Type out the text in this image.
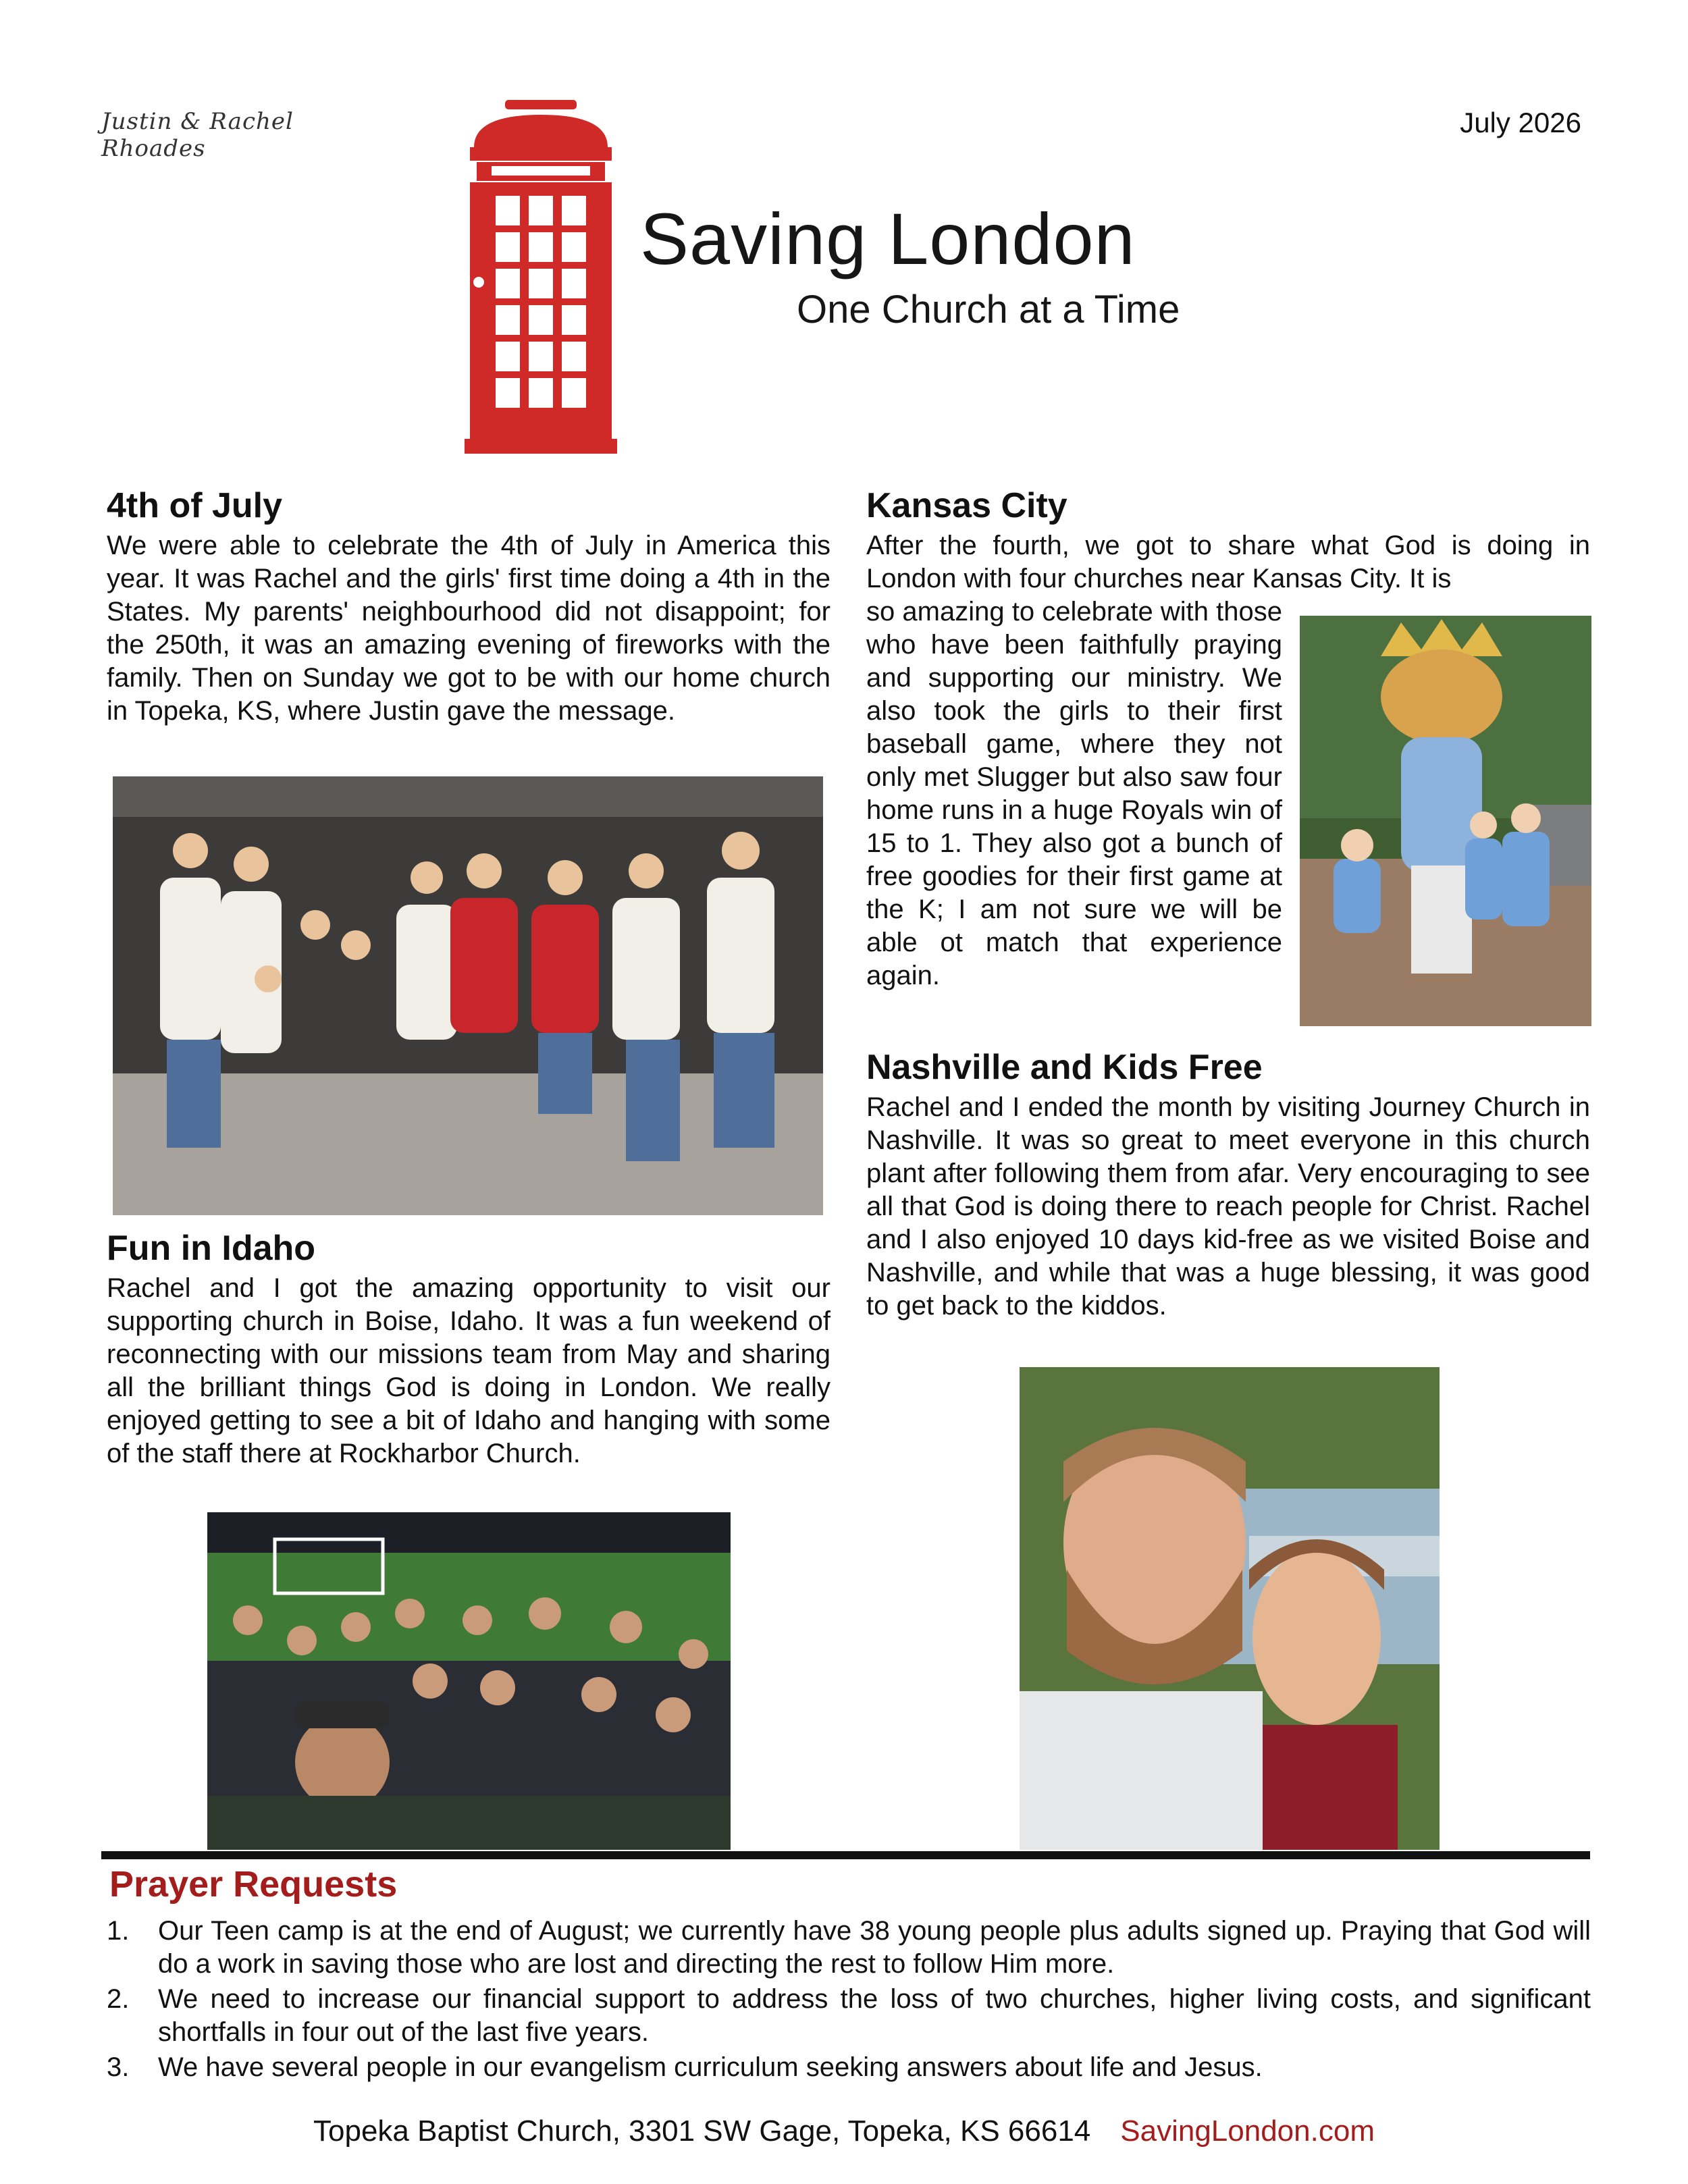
Justin & Rachel Rhoades
July 2026
Saving London
One Church at a Time
4th of July

We were able to celebrate the 4th of July in America this year. It was Rachel and the girls' first time doing a 4th in the States. My parents' neighbourhood did not disappoint; for the 250th, it was an amazing evening of fireworks with the family. Then on Sunday we got to be with our home church in Topeka, KS, where Justin gave the message.

Fun in Idaho

Rachel and I got the amazing opportunity to visit our supporting church in Boise, Idaho. It was a fun weekend of reconnecting with our missions team from May and sharing all the brilliant things God is doing in London. We really enjoyed getting to see a bit of Idaho and hanging with some of the staff there at Rockharbor Church.

Kansas City

After the fourth, we got to share what God is doing in London with four churches near Kansas City. It is

so amazing to celebrate with those who have been faithfully praying and supporting our ministry. We also took the girls to their first baseball game, where they not only met Slugger but also saw four home runs in a huge Royals win of 15 to 1. They also got a bunch of free goodies for their first game at the K; I am not sure we will be able ot match that experience again.

Nashville and Kids Free

Rachel and I ended the month by visiting Journey Church in Nashville. It was so great to meet everyone in this church plant after following them from afar. Very encouraging to see all that God is doing there to reach people for Christ. Rachel and I also enjoyed 10 days kid-free as we visited Boise and Nashville, and while that was a huge blessing, it was good to get back to the kiddos.

Prayer Requests
1.	Our Teen camp is at the end of August; we currently have 38 young people plus adults signed up. Praying that God will do a work in saving those who are lost and directing the rest to follow Him more.
2.	We need to increase our financial support to address the loss of two churches, higher living costs, and significant shortfalls in four out of the last five years.
3.	We have several people in our evangelism curriculum seeking answers about life and Jesus.
Topeka Baptist Church, 3301 SW Gage, Topeka, KS 66614 SavingLondon.com
